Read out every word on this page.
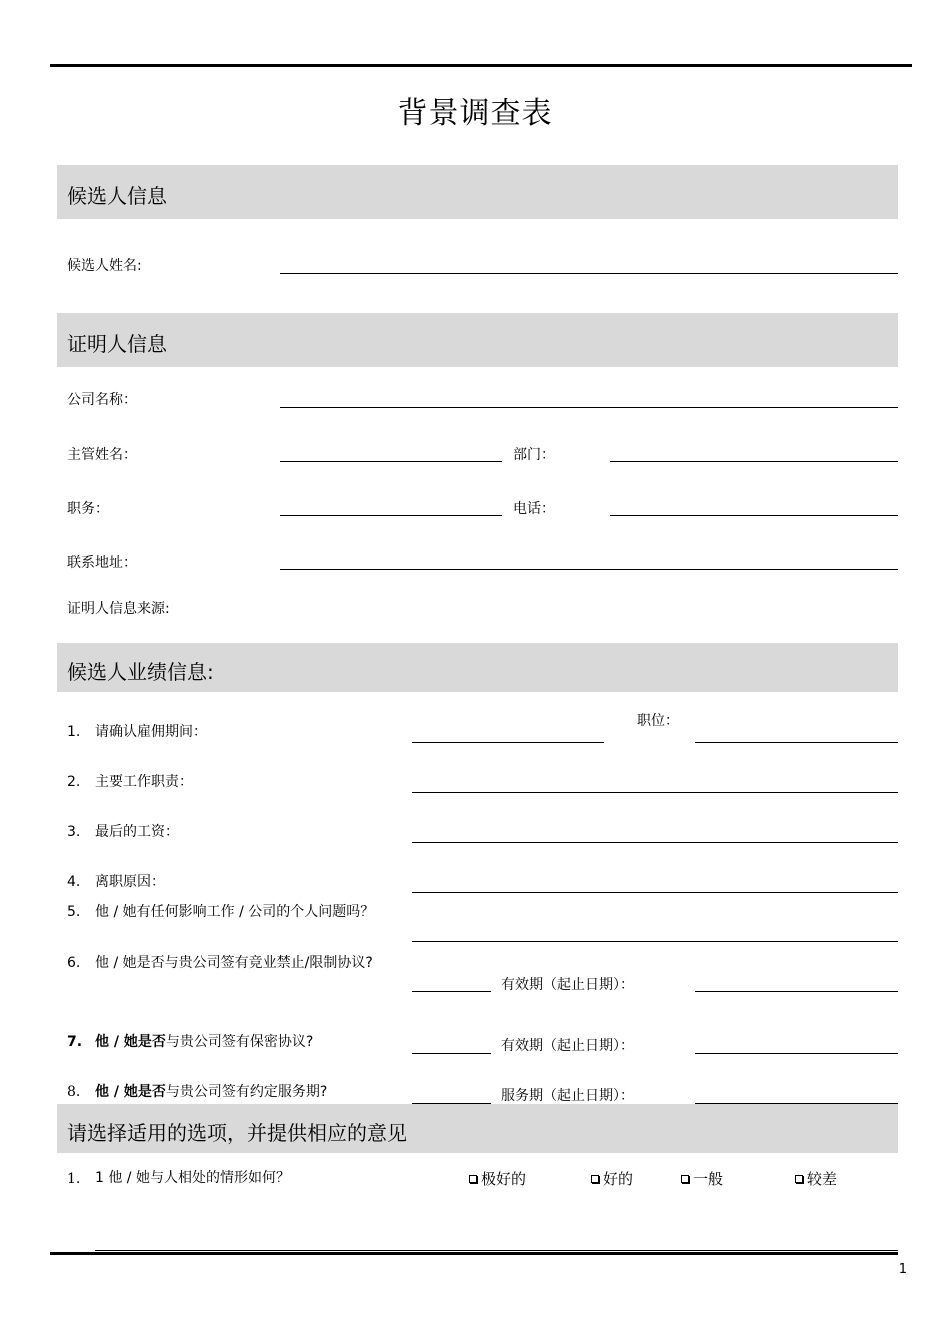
背景调查表
候选人信息
候选人姓名:
证明人信息
公司名称：
主管姓名：	部门：
职务：	电话：
联系地址：
证明人信息来源:
候选人业绩信息:
1. 请确认雇佣期间：
职位：
2. 主要工作职责：
3. 最后的工资：
4. 离职原因：
5. 他 / 她有任何影响工作 / 公司的个人问题吗？
6. 他 / 她是否与贵公司签有竞业禁止/限制协议?
有效期（起止日期）：
7. 他 / 她是否与贵公司签有保密协议?	有效期（起止日期）：
8. 他 / 她是否与贵公司签有约定服务期?	服务期（起止日期）：
请选择适用的选项，并提供相应的意见
1. 1 他 / 她与人相处的情形如何？	极好的	好的	一般	较差
1
